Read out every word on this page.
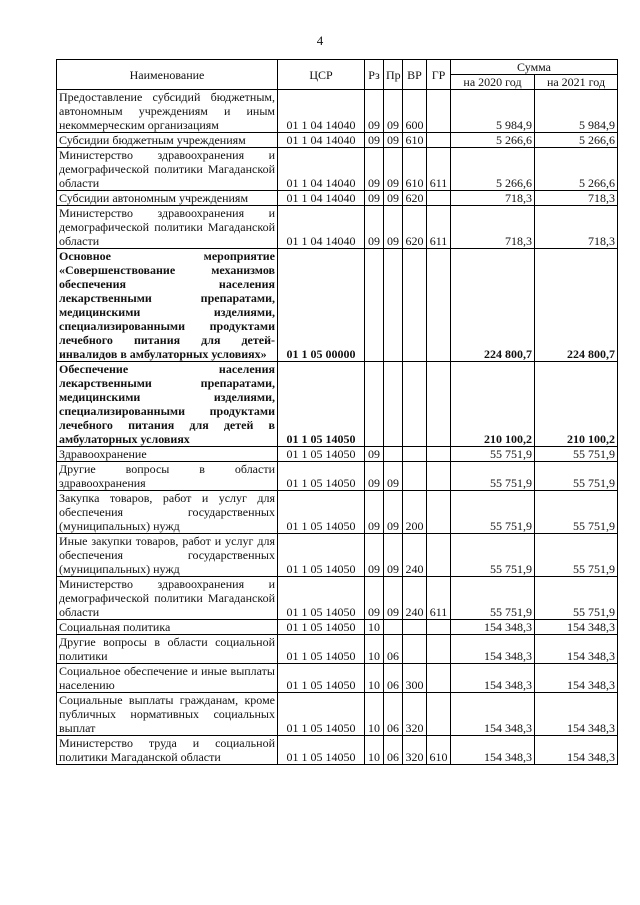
4
Наименование	ЦСР	Рз	Пр	ВР	ГР	Сумма	
						на 2020 год	на 2021 год
Предоставление субсидий бюджетным, автономным учреждениям и иным некоммерческим организациям	01 1 04 14040	09	09	600		5 984,9	5 984,9
Субсидии бюджетным учреждениям	01 1 04 14040	09	09	610		5 266,6	5 266,6
Министерство здравоохранения и демографической политики Магаданской области	01 1 04 14040	09	09	610	611	5 266,6	5 266,6
Субсидии автономным учреждениям	01 1 04 14040	09	09	620		718,3	718,3
Министерство здравоохранения и демографической политики Магаданской области	01 1 04 14040	09	09	620	611	718,3	718,3
Основное мероприятие «Совершенствование механизмов обеспечения населения лекарственными препаратами, медицинскими изделиями, специализированными продуктами лечебного питания для детей-инвалидов в амбулаторных условиях»	01 1 05 00000					224 800,7	224 800,7
Обеспечение населения лекарственными препаратами, медицинскими изделиями, специализированными продуктами лечебного питания для детей в амбулаторных условиях	01 1 05 14050					210 100,2	210 100,2
Здравоохранение	01 1 05 14050	09				55 751,9	55 751,9
Другие вопросы в области здравоохранения	01 1 05 14050	09	09			55 751,9	55 751,9
Закупка товаров, работ и услуг для обеспечения государственных (муниципальных) нужд	01 1 05 14050	09	09	200		55 751,9	55 751,9
Иные закупки товаров, работ и услуг для обеспечения государственных (муниципальных) нужд	01 1 05 14050	09	09	240		55 751,9	55 751,9
Министерство здравоохранения и демографической политики Магаданской области	01 1 05 14050	09	09	240	611	55 751,9	55 751,9
Социальная политика	01 1 05 14050	10				154 348,3	154 348,3
Другие вопросы в области социальной политики	01 1 05 14050	10	06			154 348,3	154 348,3
Социальное обеспечение и иные выплаты населению	01 1 05 14050	10	06	300		154 348,3	154 348,3
Социальные выплаты гражданам, кроме публичных нормативных социальных выплат	01 1 05 14050	10	06	320		154 348,3	154 348,3
Министерство труда и социальной политики Магаданской области	01 1 05 14050	10	06	320	610	154 348,3	154 348,3
